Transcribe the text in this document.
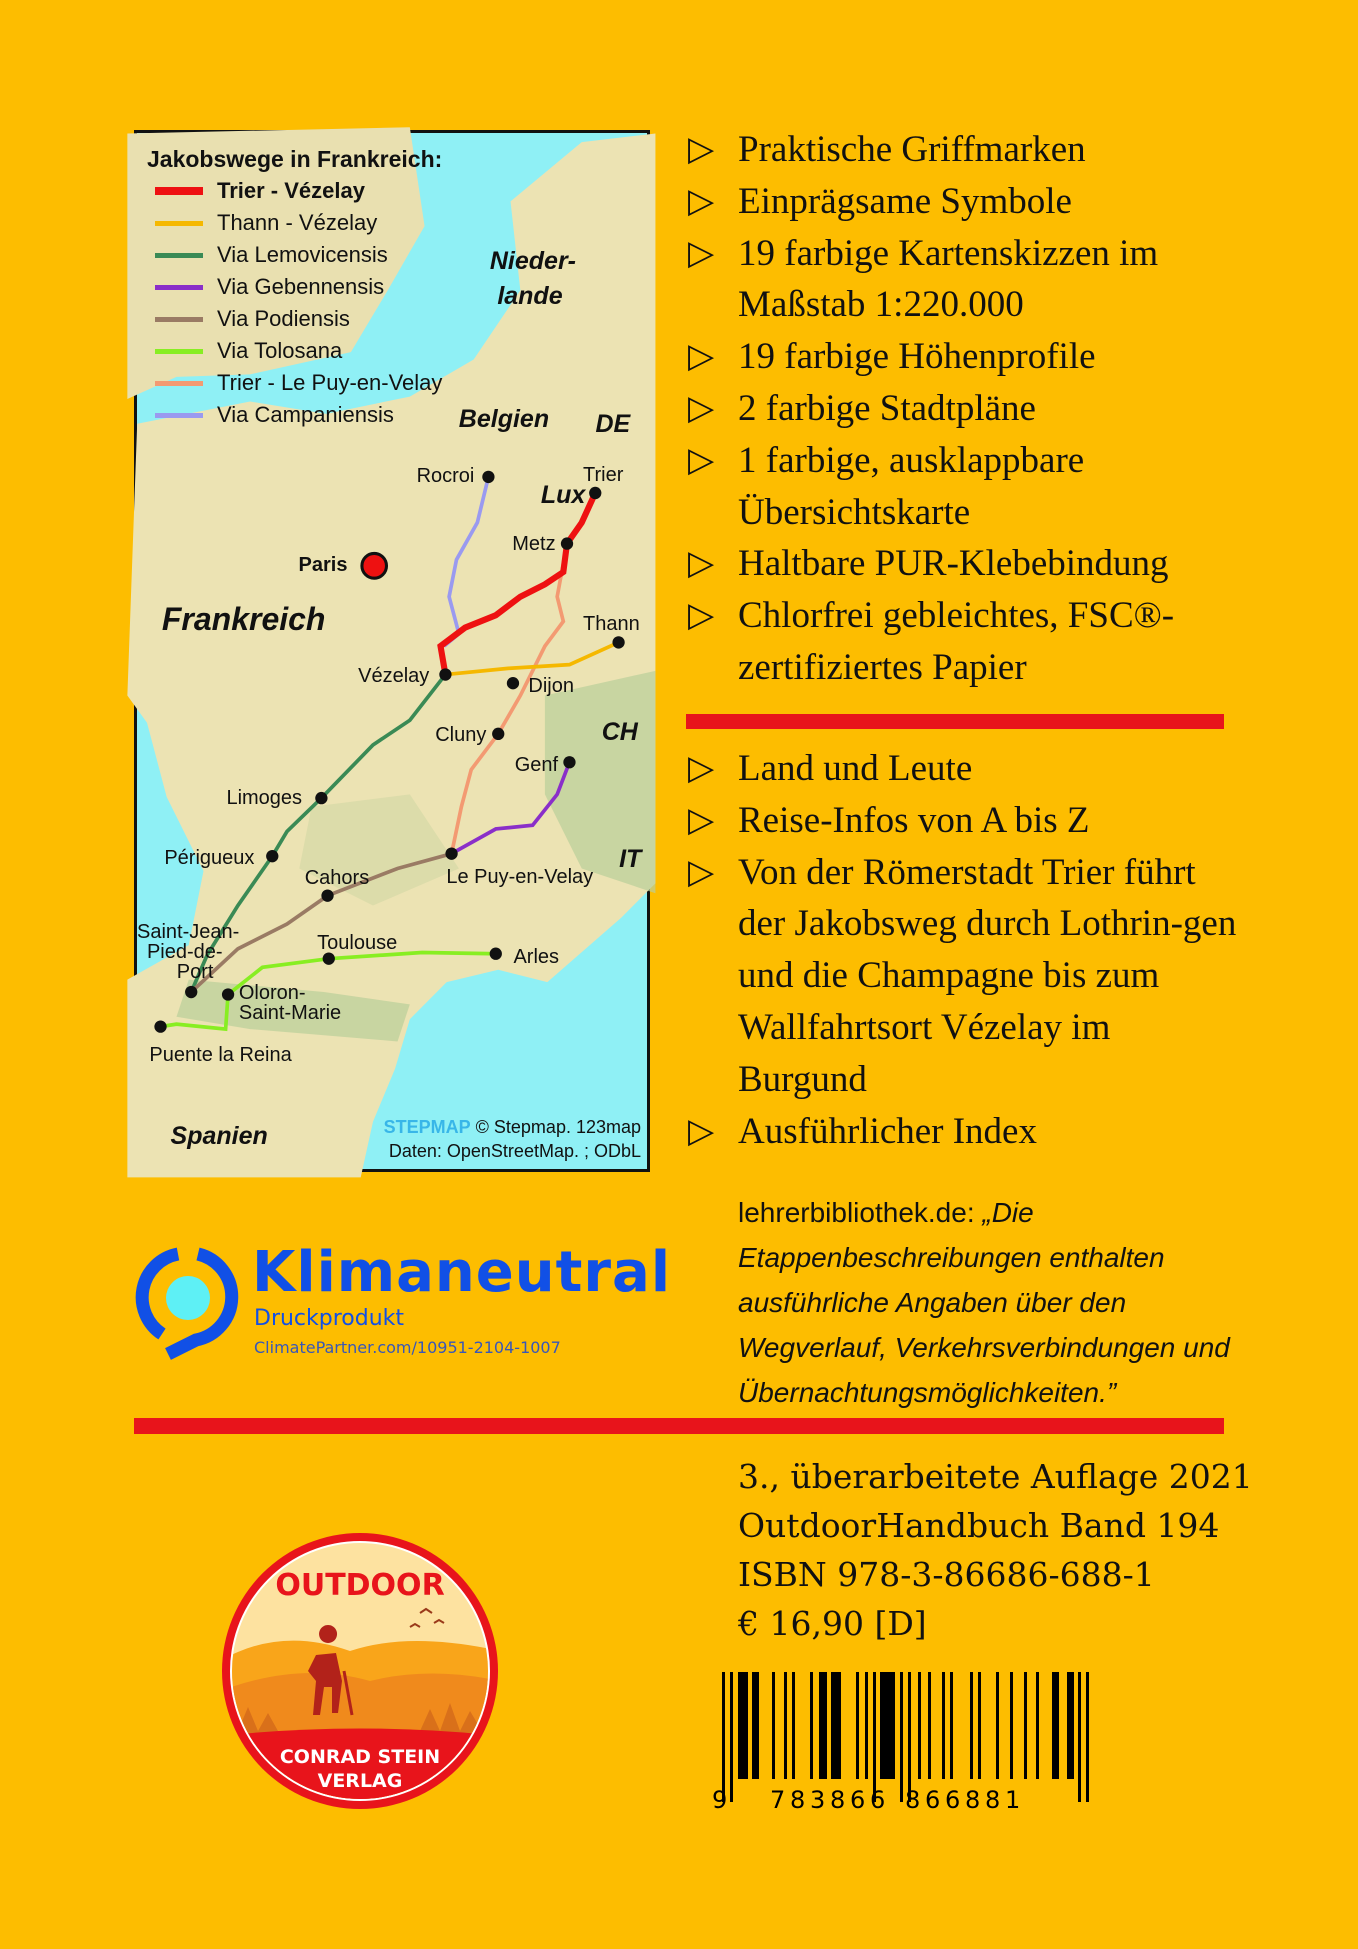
Jakobswege in Frankreich:
Trier - Vézelay
Thann - Vézelay
Via Lemovicensis
Via Gebennensis
Via Podiensis
Via Tolosana
Trier - Le Puy-en-Velay
Via Campaniensis
Rocroi	Trier
Metz
Paris
Thann
Vézelay	Dijon
Cluny
Genf
Limoges
Périgueux
Le Puy-en-Velay
Cahors
Toulouse
Arles
Saint-Jean-
Pied-de-
Port
Oloron-
Saint-Marie
Puente la Reina
Nieder-
lande
Belgien DE
Lux
Frankreich
CH
IT
Spanien	STEPMAP © Stepmap. 123map
Daten: OpenStreetMap. ; ODbL
▷ Praktische Griffmarken
▷ Einprägsame Symbole
▷ 19 farbige Kartenskizzen im Maßstab 1:220.000
▷ 19 farbige Höhenprofile
▷ 2 farbige Stadtpläne
▷ 1 farbige, ausklappbare Übersichtskarte
▷ Haltbare PUR-Klebebindung
▷ Chlorfrei gebleichtes, FSC®-zertifiziertes Papier
▷ Land und Leute
▷ Reise-Infos von A bis Z
▷ Von der Römerstadt Trier führt der Jakobsweg durch Lothrin-gen und die Champagne bis zum Wallfahrtsort Vézelay im Burgund
▷ Ausführlicher Index
lehrerbibliothek.de: „Die Etappenbeschreibungen enthalten ausführliche Angaben über den Wegverlauf, Verkehrsverbindungen und Übernachtungsmöglichkeiten.”
Klimaneutral
Druckprodukt
ClimatePartner.com/10951-2104-1007
3., überarbeitete Auflage 2021
OutdoorHandbuch Band 194
ISBN 978-3-86686-688-1
€ 16,90 [D]
OUTDOOR
CONRAD STEIN
VERLAG
9 7 8 3 8 6 6 8 6 6 8 8 1
